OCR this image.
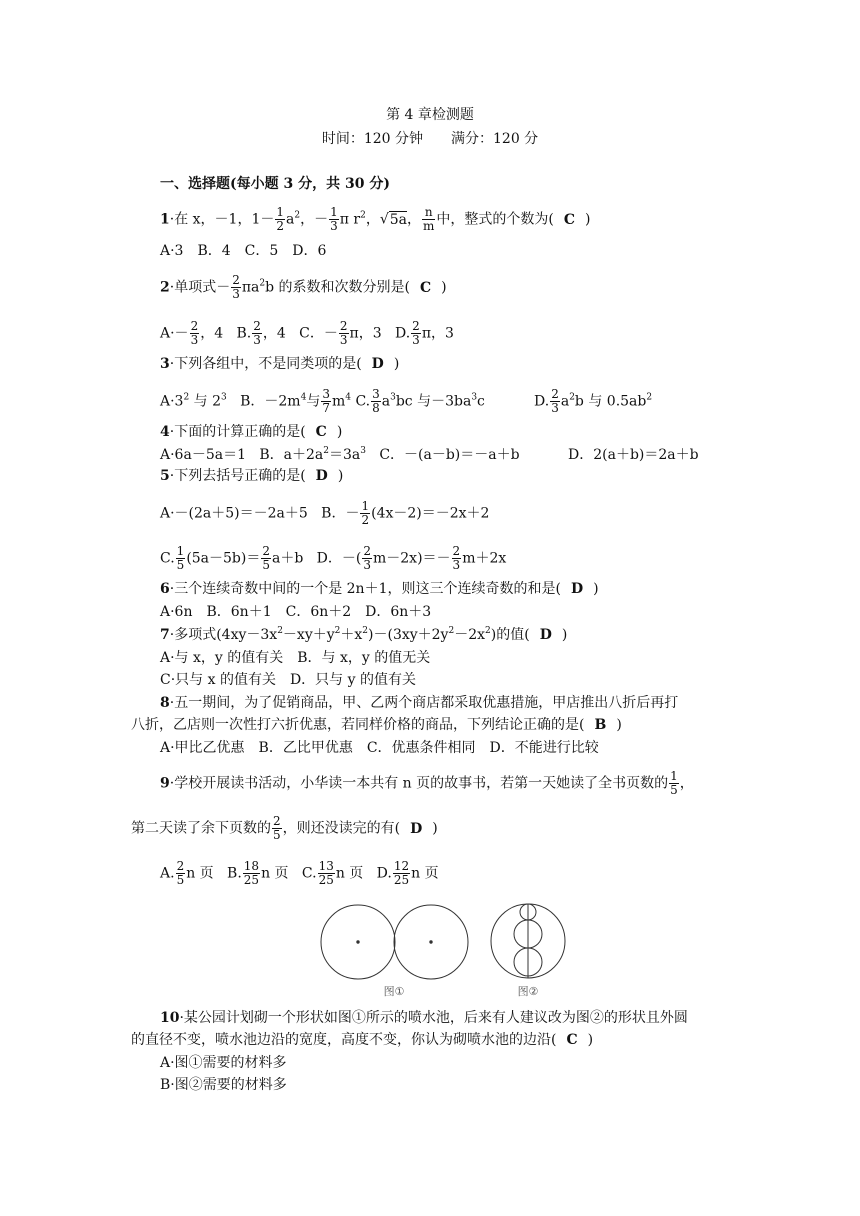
第 4 章检测题
时间：120 分钟　　满分：120 分
一、选择题(每小题 3 分，共 30 分)
1·在 x，－1，$1- \frac{1}{2} a^2$，－ $\frac{1}{3}$ π $r^2$，√5a， $\frac{n}{m}$ 中，整式的个数为( C )
A·3　B．4　C．5　D．6
2·单项式－ $\frac{2}{3} \pi a^2b$ 的系数和次数分别是( C )
$A\cdot- \frac{2}{3}$ ，4 B. $\frac{2}{3}$ ，4 C．－ $\frac{2}{3}$ π，3 D. $\frac{2}{3}$ π，3
3·下列各组中，不是同类项的是( D )
$A\cdot 3^2$ 与 $2^3$ B．$-2m^4$与 $\frac{3}{7} m^4$ C. $\frac{3}{8} a^3bc$ 与$-3ba^3c$	D. $\frac{2}{3} a^2b$ 与 $0.5ab^2$
4·下面的计算正确的是( C )
A·6a－5a＝1 B．$a+2a^2=3a^3$ C．－(a－b)＝－a＋b	D．2(a＋b)＝2a＋b
5·下列去括号正确的是( D )
A·－(2a＋5)＝－2a＋5 B．－ $\frac{1}{2} (4x-2)=-2x+2$
C. $\frac{1}{5} (5a-5b)= \frac{2}{5} a+b$ D．－( $\frac{2}{3} m-2x)=- \frac{2}{3} m+2x$
6·三个连续奇数中间的一个是 2n＋1，则这三个连续奇数的和是( D )
A·6n　B．6n＋1　C．6n＋2　D．6n＋3
7·多项式$(4xy-3x^2-xy+y^2+x^2)-(3xy+2y^2-2x^2)$的值( D )
A·与 x，y 的值有关　B．与 x，y 的值无关
C·只与 x 的值有关　D．只与 y 的值有关
8·五一期间，为了促销商品，甲、乙两个商店都采取优惠措施，甲店推出八折后再打
八折，乙店则一次性打六折优惠，若同样价格的商品，下列结论正确的是( B )
A·甲比乙优惠　B．乙比甲优惠　C．优惠条件相同　D．不能进行比较
9·学校开展读书活动，小华读一本共有 n 页的故事书，若第一天她读了全书页数的 $\frac{1}{5}$ ，
第二天读了余下页数的 $\frac{2}{5}$ ，则还没读完的有( D )
A. $\frac{2}{5}$ n 页 B. $\frac{18}{25}$ n 页 C. $\frac{13}{25}$ n 页 D. $\frac{12}{25}$ n 页
图①	图②
10·某公园计划砌一个形状如图①所示的喷水池，后来有人建议改为图②的形状且外圆
的直径不变，喷水池边沿的宽度，高度不变，你认为砌喷水池的边沿( C )
A·图①需要的材料多
B·图②需要的材料多
